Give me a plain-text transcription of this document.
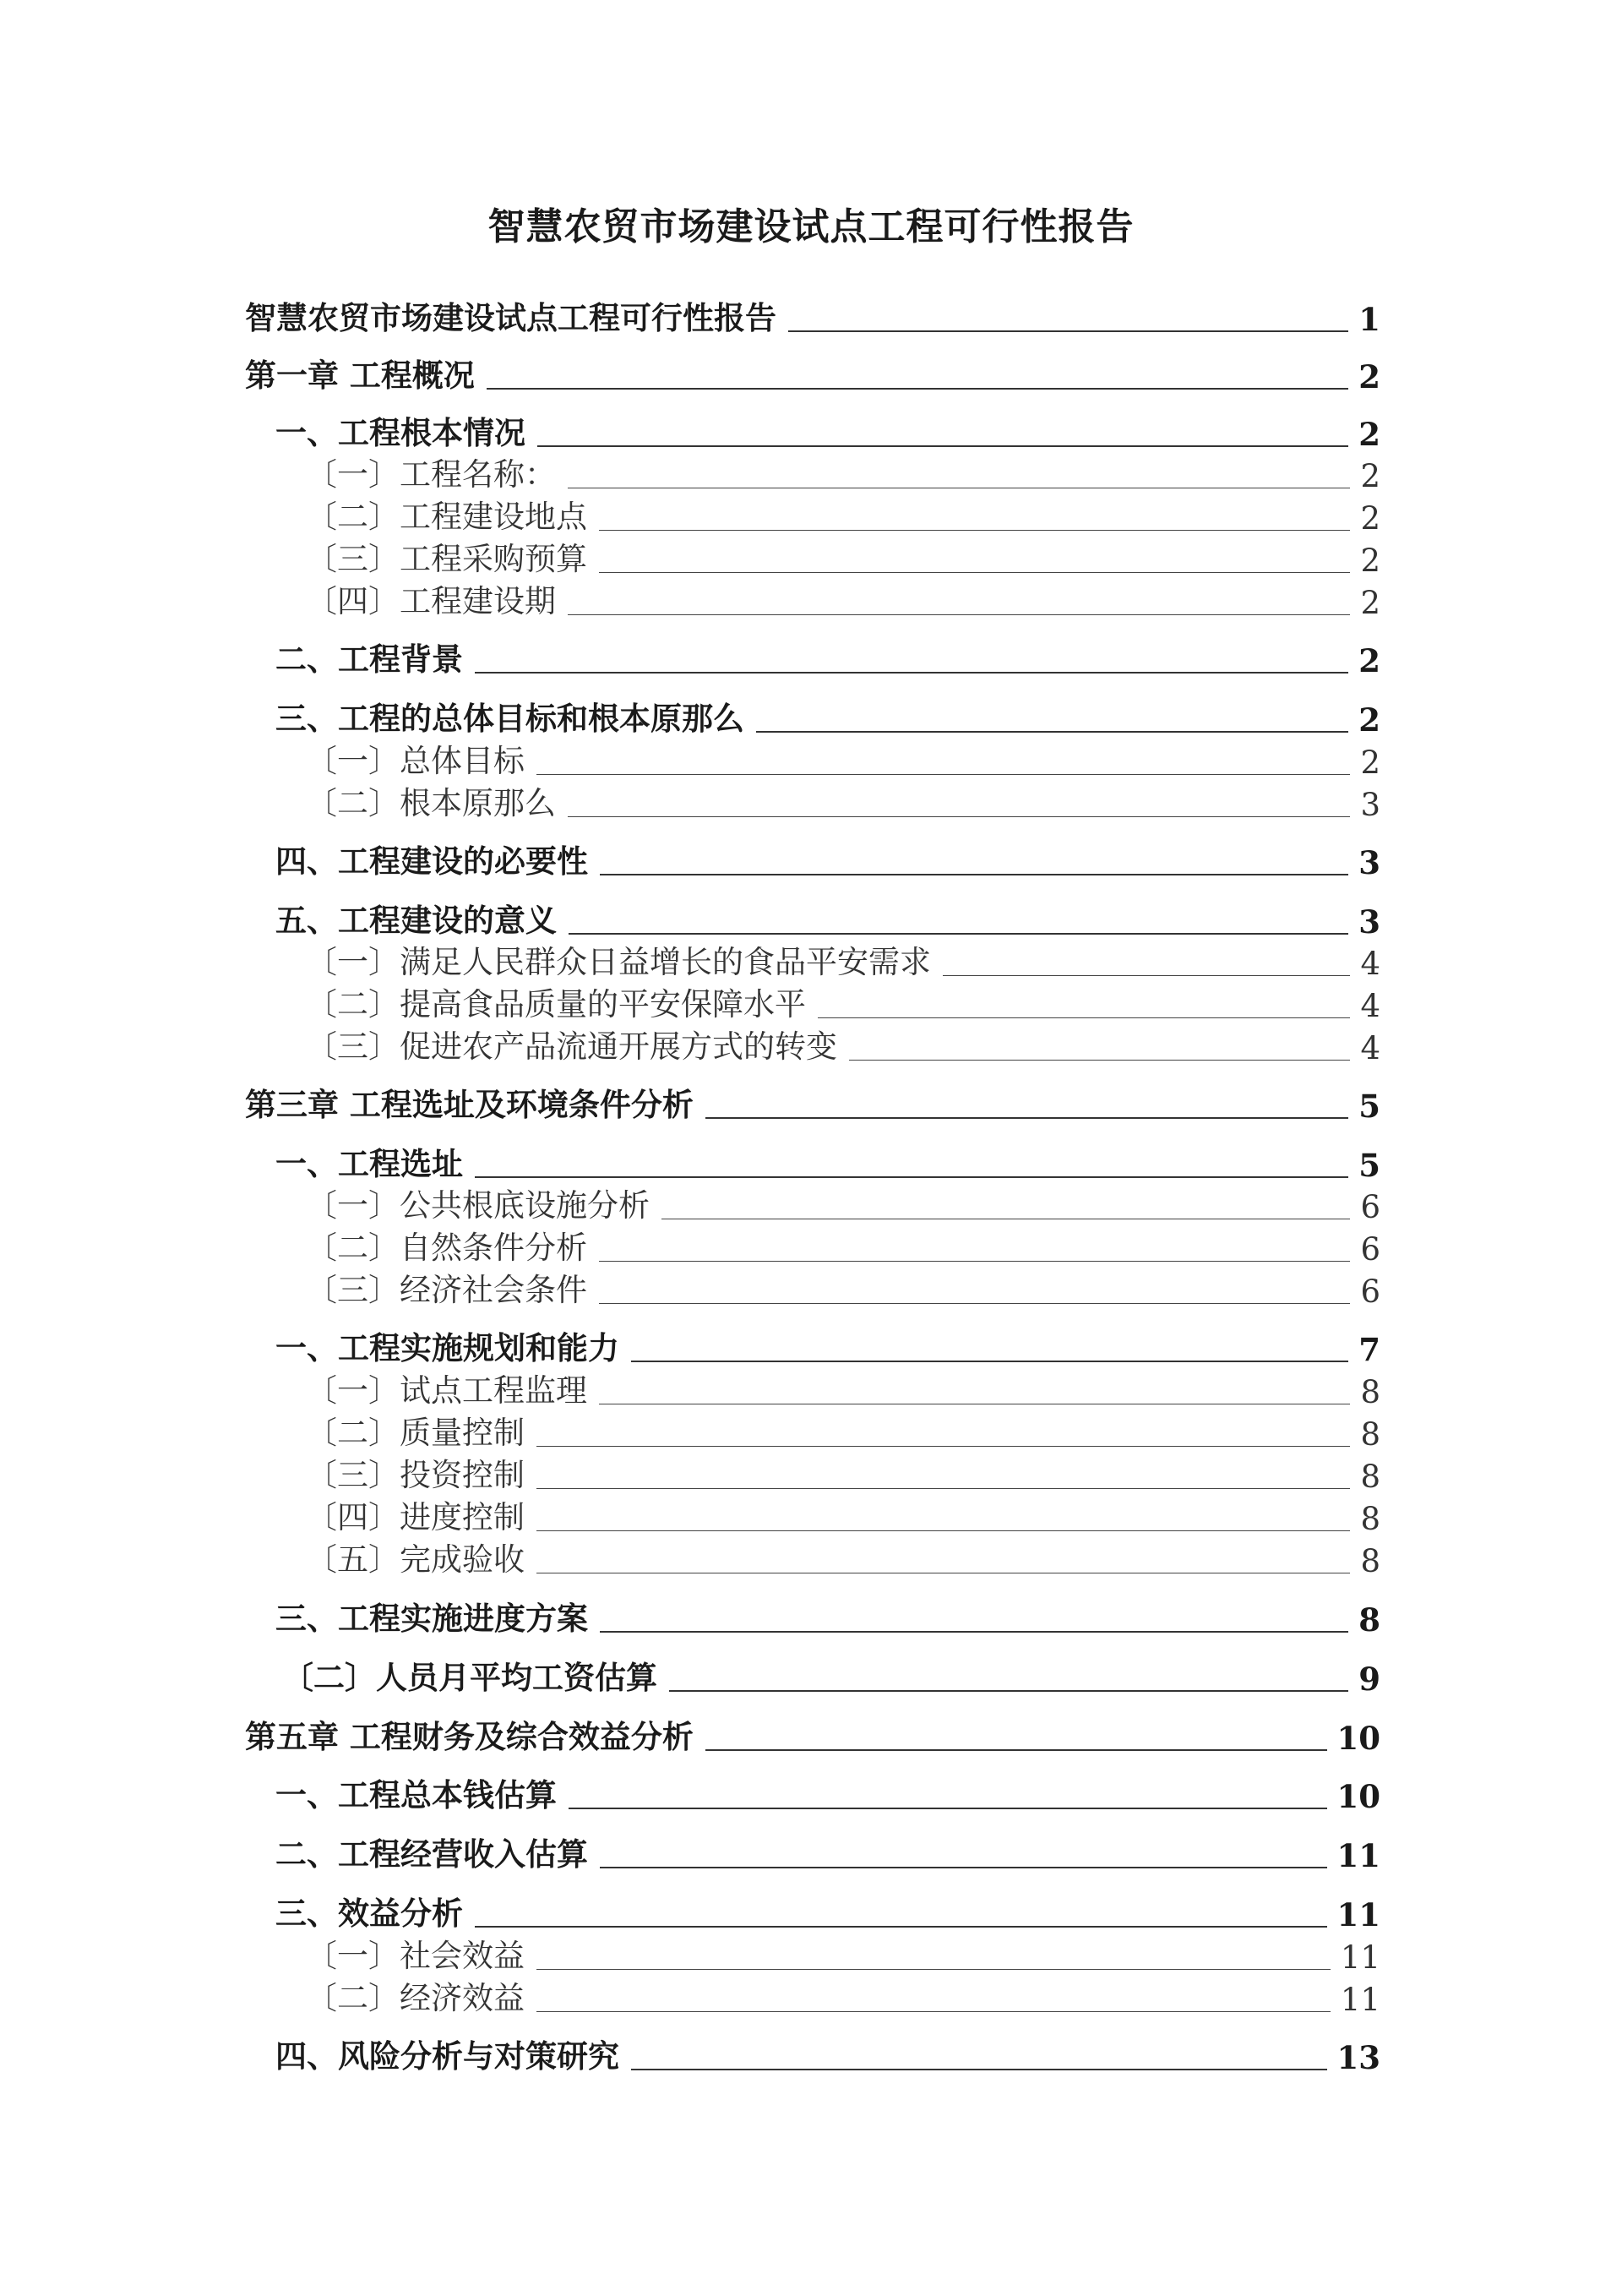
智慧农贸市场建设试点工程可行性报告
智慧农贸市场建设试点工程可行性报告	1
第一章 工程概况	2
一、工程根本情况	2
〔一〕工程名称：	2
〔二〕工程建设地点	2
〔三〕工程采购预算	2
〔四〕工程建设期	2
二、工程背景	2
三、工程的总体目标和根本原那么	2
〔一〕总体目标	2
〔二〕根本原那么	3
四、工程建设的必要性	3
五、工程建设的意义	3
〔一〕满足人民群众日益增长的食品平安需求	4
〔二〕提高食品质量的平安保障水平	4
〔三〕促进农产品流通开展方式的转变	4
第三章 工程选址及环境条件分析	5
一、工程选址	5
〔一〕公共根底设施分析	6
〔二〕自然条件分析	6
〔三〕经济社会条件	6
一、工程实施规划和能力	7
〔一〕试点工程监理	8
〔二〕质量控制	8
〔三〕投资控制	8
〔四〕进度控制	8
〔五〕完成验收	8
三、工程实施进度方案	8
〔二〕人员月平均工资估算	9
第五章 工程财务及综合效益分析	10
一、工程总本钱估算	10
二、工程经营收入估算	11
三、效益分析	11
〔一〕社会效益	11
〔二〕经济效益	11
四、风险分析与对策研究	13
